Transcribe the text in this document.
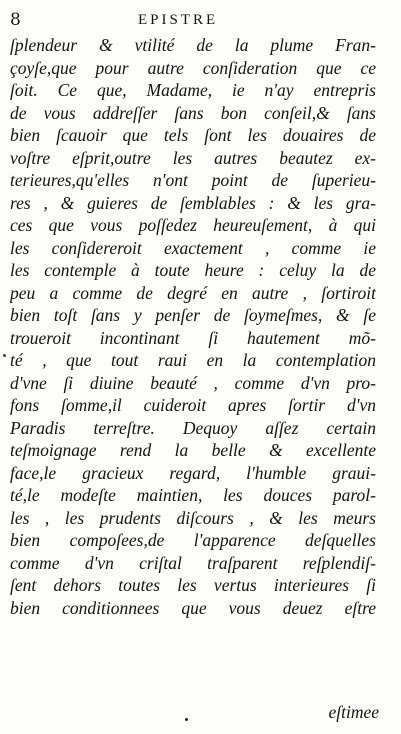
8	EPISTRE
ſplendeur & vtilité de la plume Fran-
çoyſe,que pour autre conſideration que ce
ſoit. Ce que, Madame, ie n'ay entrepris
de vous addreſſer ſans bon conſeil,& ſans
bien ſcauoir que tels ſont les douaires de
voſtre eſprit,outre les autres beautez ex-
terieures,qu'elles n'ont point de ſuperieu-
res , & guieres de ſemblables : & les gra-
ces que vous poſſedez heureuſement, à qui
les conſidereroit exactement , comme ie
les contemple à toute heure : celuy la de
peu a comme de degré en autre , ſortiroit
bien toſt ſans y penſer de ſoymeſmes, & ſe
troueroit incontinant ſi hautement mõ-
té , que tout raui en la contemplation
d'vne ſi diuine beauté , comme d'vn pro-
fons ſomme,il cuideroit apres ſortir d'vn
Paradis terreſtre. Dequoy aſſez certain
teſmoignage rend la belle & excellente
face,le gracieux regard, l'humble graui-
té,le modeſte maintien, les douces parol-
les , les prudents diſcours , & les meurs
bien compoſees,de l'apparence deſquelles
comme d'vn criſtal traſparent reſplendiſ-
ſent dehors toutes les vertus interieures ſi
bien conditionnees que vous deuez eſtre
eſtimee
